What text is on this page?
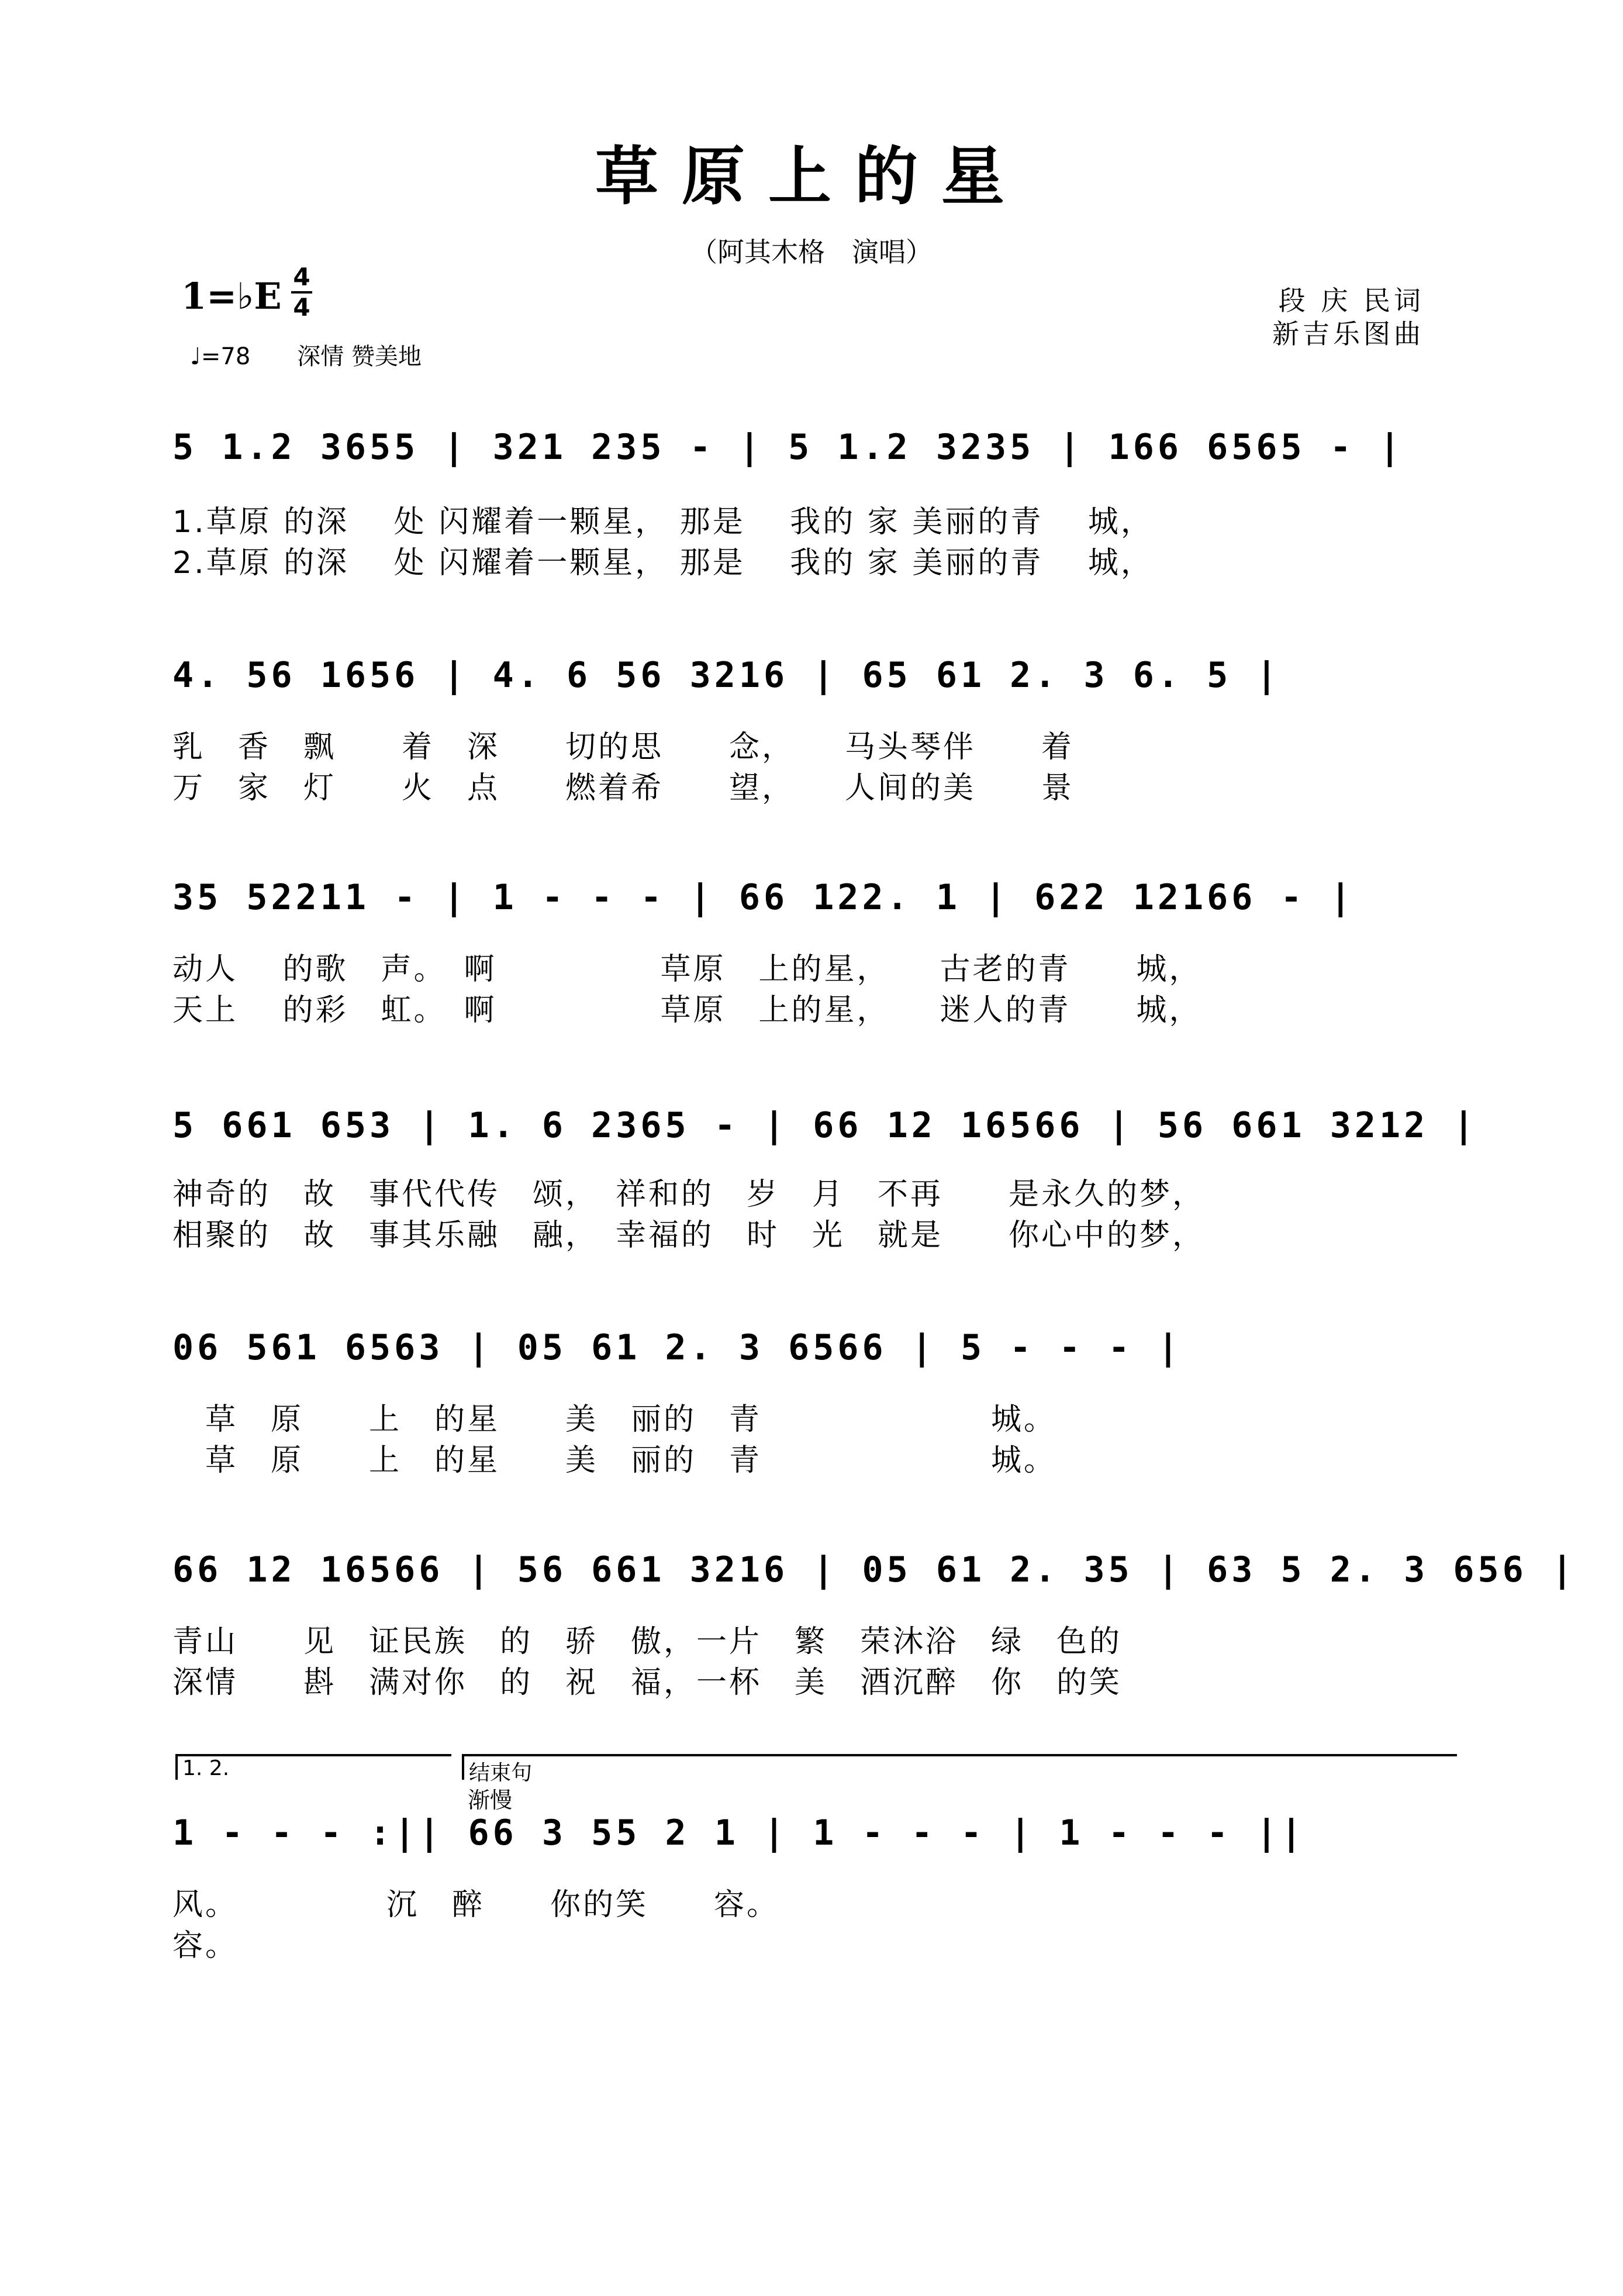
草原上的星
（阿其木格　演唱）
1=♭E 4
4
♩=78　　深情 赞美地
段 庆 民词
新吉乐图曲
5 1.2 3655 | 321 235 - | 5 1.2 3235 | 166 6565 - |
1.草原 的深　 处 闪耀着一颗星， 那是　 我的 家 美丽的青　 城，
2.草原 的深　 处 闪耀着一颗星， 那是　 我的 家 美丽的青　 城，
4. 56 1656 | 4. 6 56 3216 | 65 61 2. 3 6. 5 |
乳　香　飘　　着　深　　切的思　　念，　　马头琴伴　　着
万　家　灯　　火　点　　燃着希　　望，　　人间的美　　景
35 52211 - | 1 - - - | 66 122. 1 | 622 12166 - |
动人　 的歌　声。　啊　　　　　草原　上的星，　　古老的青　　城，
天上　 的彩　虹。　啊　　　　　草原　上的星，　　迷人的青　　城，
5 661 653 | 1. 6 2365 - | 66 12 16566 | 56 661 3212 |
神奇的　故　事代代传　颂，　祥和的　岁　月　不再　　是永久的梦，
相聚的　故　事其乐融　融，　幸福的　时　光　就是　　你心中的梦，
06 561 6563 | 05 61 2. 3 6566 | 5 - - - |
　草　原　　上　的星　　美　丽的　青　　　　　　　城。
　草　原　　上　的星　　美　丽的　青　　　　　　　城。
66 12 16566 | 56 661 3216 | 05 61 2. 35 | 63 5 2. 3 656 |
青山　　见　证民族　的　骄　傲，一片　繁　荣沐浴　绿　色的
深情　　斟　满对你　的　祝　福，一杯　美　酒沉醉　你　的笑
1. 2.	结束句
渐慢
1 - - - :|| 66 3 55 2 1 | 1 - - - | 1 - - - ||
风。　　　　　沉　醉　　你的笑　　容。
容。
